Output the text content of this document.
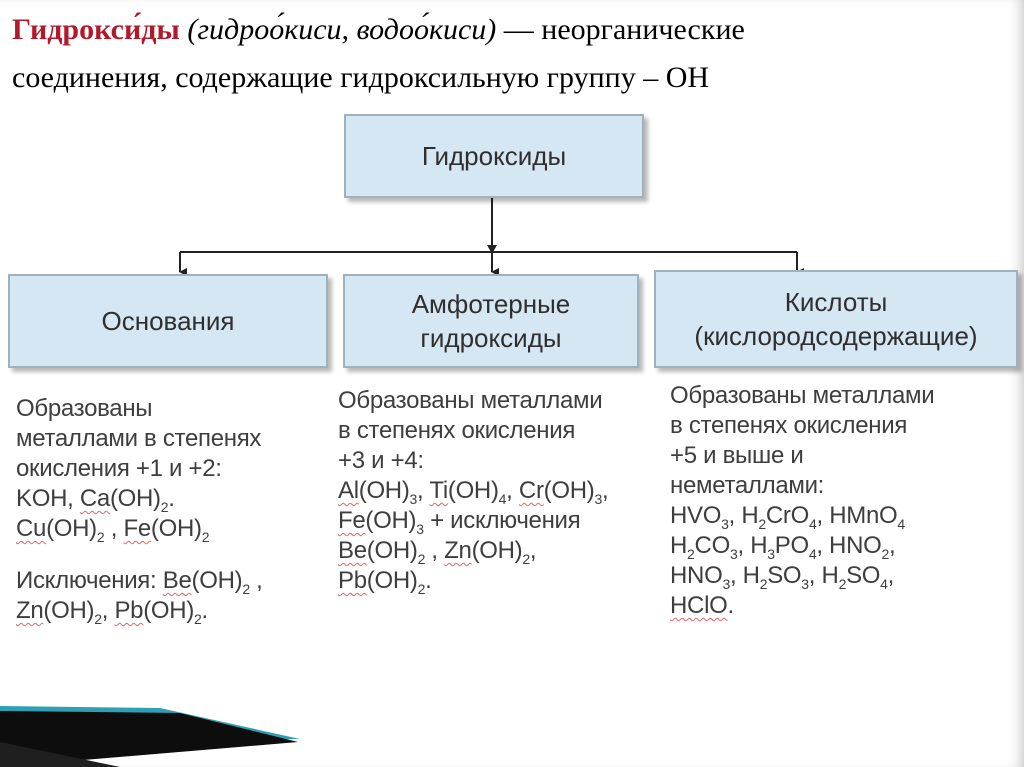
Гидрокси́ды (гидроо́киси, водоо́киси) — неорганические
соединения, содержащие гидроксильную группу – OH
Гидроксиды
Основания
Амфотерные
гидроксиды
Кислоты
(кислородсодержащие)
Образованы
металлами в степенях
окисления +1 и +2:
KOH, $Ca(OH)_2$.
$Cu(OH)_2$ , $Fe(OH)_2$
Исключения: $Be(OH)_2$ ,
$Zn(OH)_2$, $Pb(OH)_2$.
Образованы металлами
в степенях окисления
+3 и +4:
$Al(OH)_3$, $Ti(OH)_4$, $Cr(OH)_3$,
$Fe(OH)_3$ + исключения
$Be(OH)_2$ , $Zn(OH)_2$,
$Pb(OH)_2$.
Образованы металлами
в степенях окисления
+5 и выше и
неметаллами:
$HVO_3$, $H_2CrO_4$, HMnO$_4$
$H_2CO_3$, $H_3PO_4$, $HNO_2$,
$HNO_3$, $H_2SO_3$, $H_2SO_4$,
HClO.
